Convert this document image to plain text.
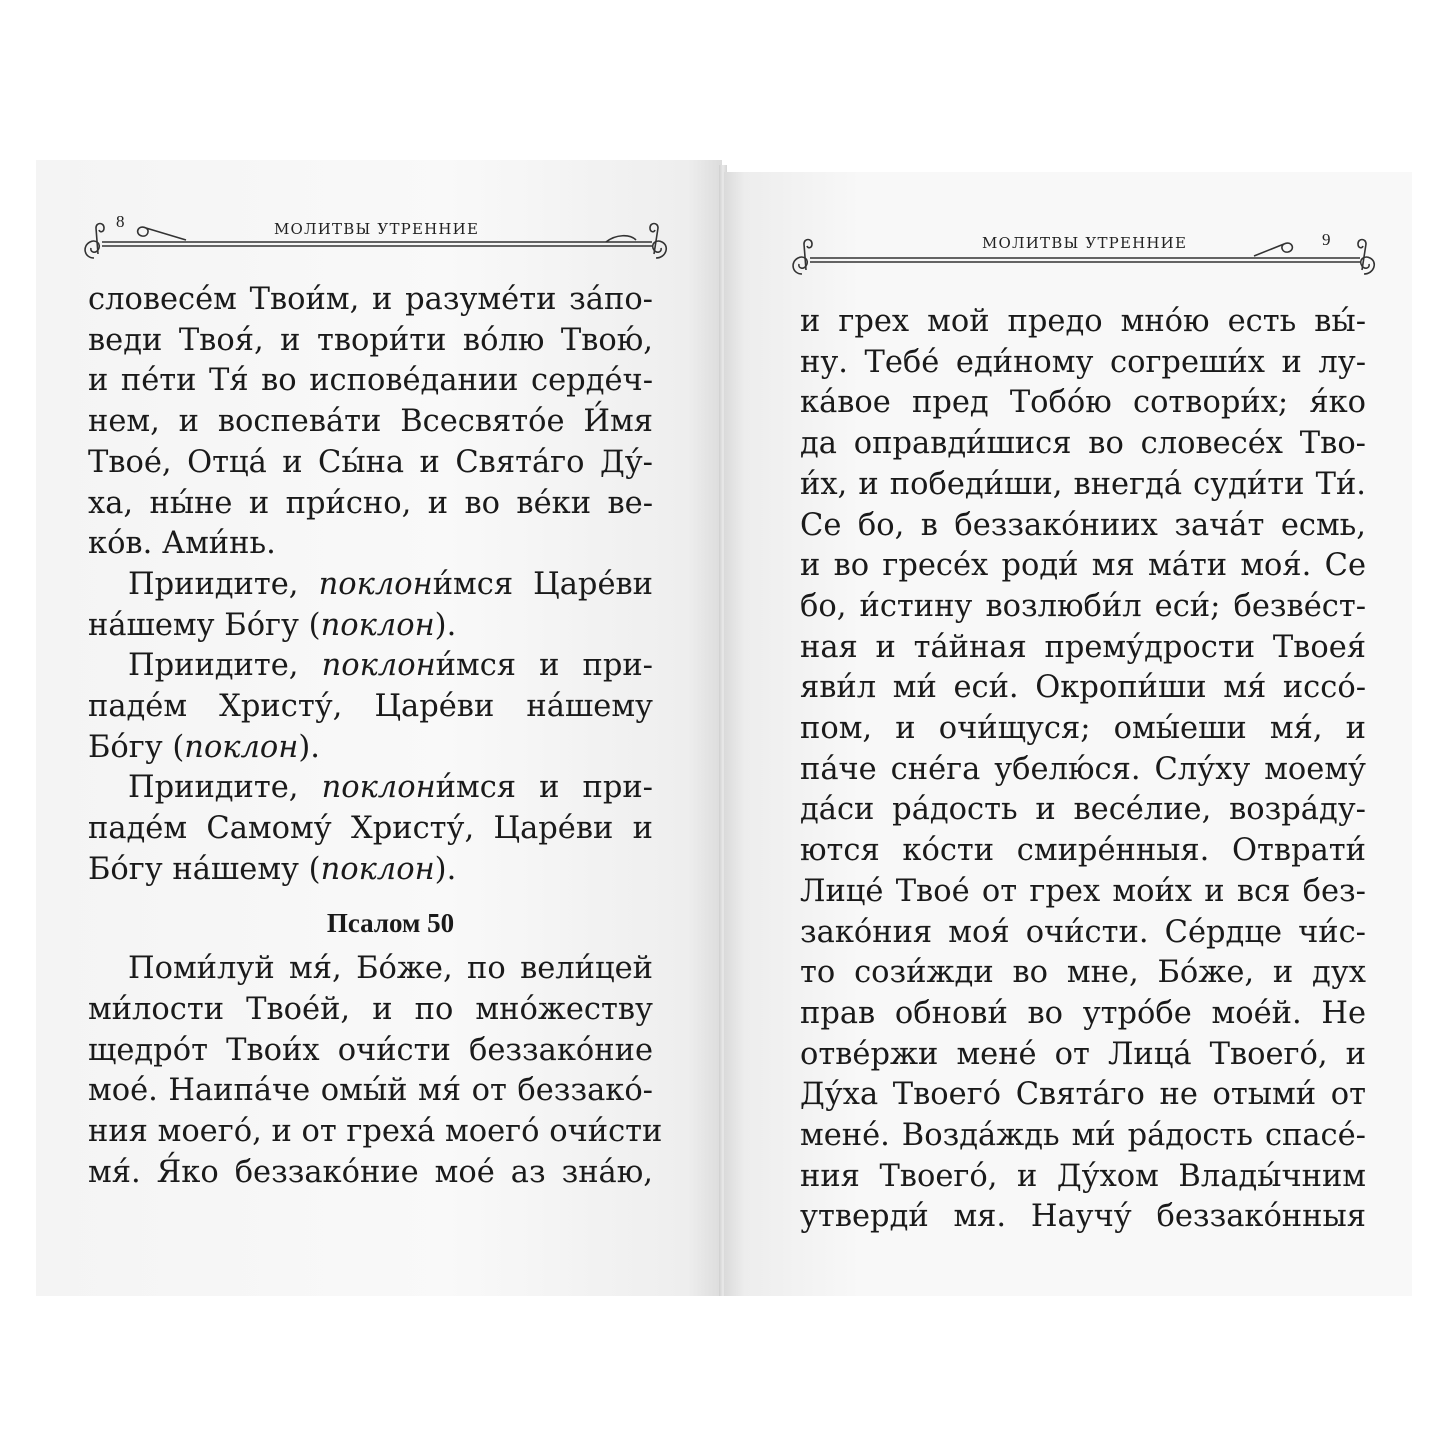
8	МОЛИТВЫ УТРЕННИЕ
словесе́м Твои́м, и разуме́ти за́по-
веди Твоя́, и твори́ти во́лю Твою́,
и пе́ти Тя́ во испове́дании серде́ч-
нем, и воспева́ти Всесвято́е И́мя
Твое́, Отца́ и Сы́на и Свята́го Ду́-
ха, ны́не и при́сно, и во ве́ки ве-
ко́в. Ами́нь.
Приидите, поклони́мся Царе́ви
на́шему Бо́гу (поклон).
Приидите, поклони́мся и при-
паде́м Христу́, Царе́ви на́шему
Бо́гу (поклон).
Приидите, поклони́мся и при-
паде́м Самому́ Христу́, Царе́ви и
Бо́гу на́шему (поклон).
Псалом 50
Поми́луй мя́, Бо́же, по вели́цей
ми́лости Твое́й, и по мно́жеству
щедро́т Твои́х очи́сти беззако́ние
мое́. Наипа́че омы́й мя́ от беззако́-
ния моего́, и от греха́ моего́ очи́сти
мя́. Я́ко беззако́ние мое́ аз зна́ю,
9
МОЛИТВЫ УТРЕННИЕ
и грех мой предо мно́ю есть вы́-
ну. Тебе́ еди́ному согреши́х и лу-
ка́вое пред Тобо́ю сотвори́х; я́ко
да оправди́шися во словесе́х Тво-
и́х, и победи́ши, внегда́ суди́ти Ти́.
Се бо, в беззако́ниих зача́т есмь,
и во гресе́х роди́ мя ма́ти моя́. Се
бо, и́стину возлюби́л еси́; безве́ст-
ная и та́йная прему́дрости Твоея́
яви́л ми́ еси́. Окропи́ши мя́ иссо́-
пом, и очи́щуся; омы́еши мя́, и
па́че сне́га убелю́ся. Слу́ху моему́
да́си ра́дость и весе́лие, возра́ду-
ются ко́сти смире́нныя. Отврати́
Лице́ Твое́ от грех мои́х и вся без-
зако́ния моя́ очи́сти. Се́рдце чи́с-
то сози́жди во мне, Бо́же, и дух
прав обнови́ во утро́бе мое́й. Не
отве́ржи мене́ от Лица́ Твоего́, и
Ду́ха Твоего́ Свята́го не отыми́ от
мене́. Возда́ждь ми́ ра́дость спасе́-
ния Твоего́, и Ду́хом Влады́чним
утверди́ мя. Научу́ беззако́нныя
